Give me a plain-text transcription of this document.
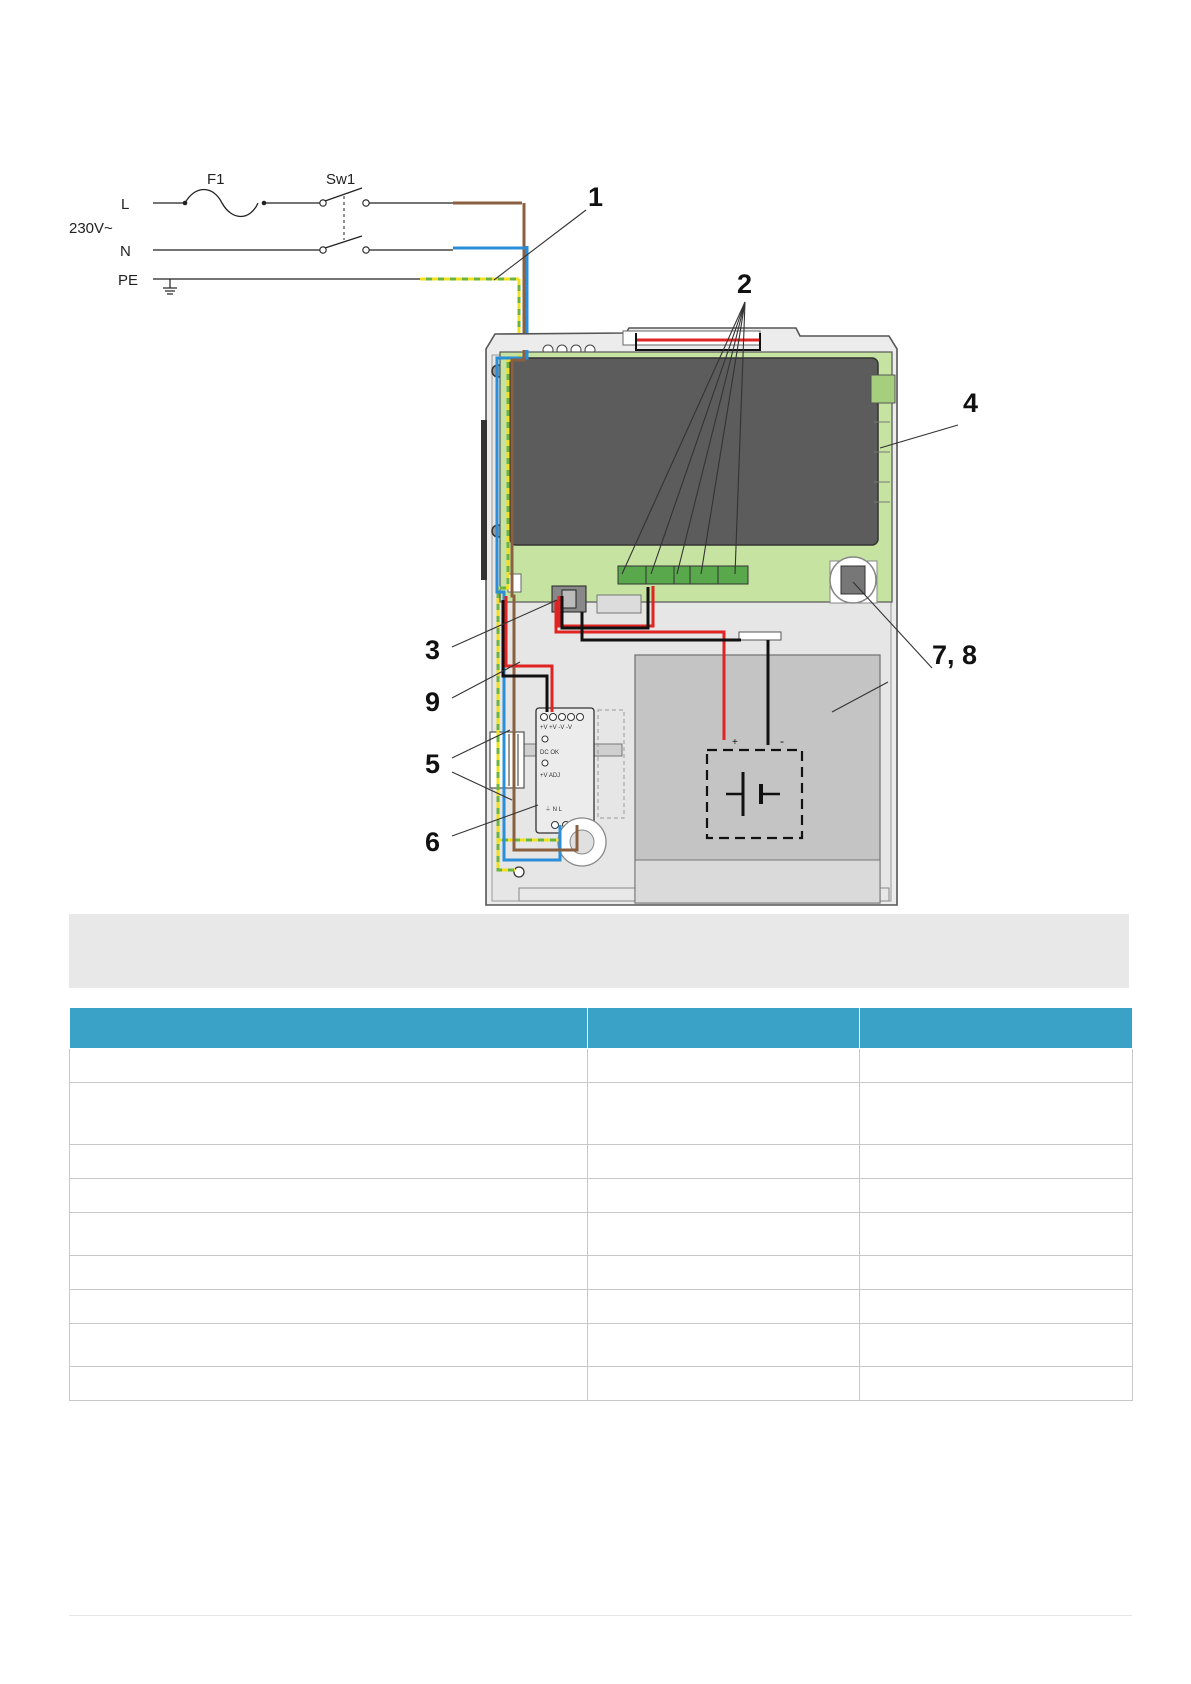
L
230V~
N
PE
F1	Sw1
+	-
+V +V -V -V
DC OK
+V ADJ
⏚ N L
1
2
3
4
7, 8
9
5
6
